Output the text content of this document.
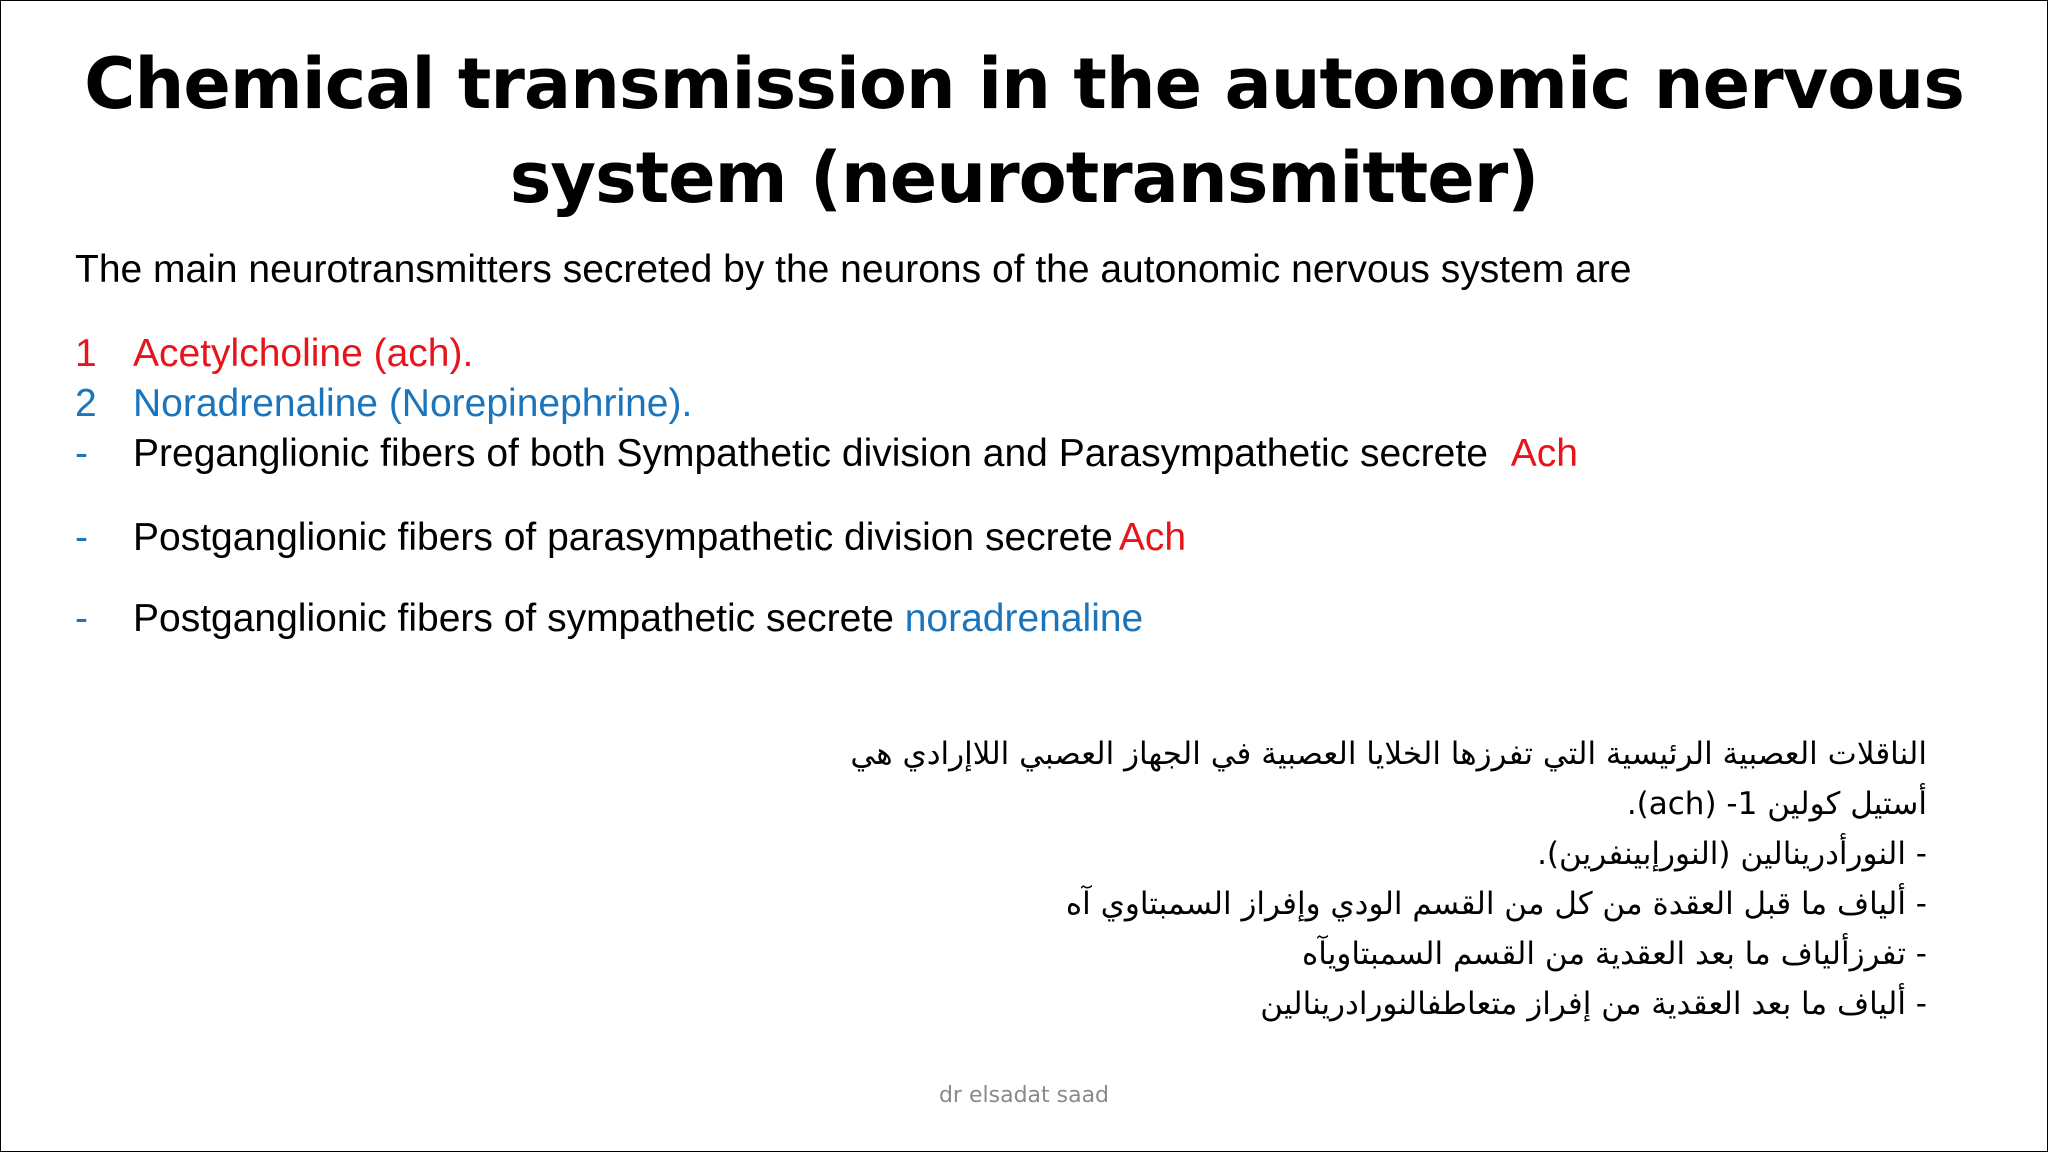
Chemical transmission in the autonomic nervous
system (neurotransmitter)
The main neurotransmitters secreted by the neurons of the autonomic nervous system are
1 Acetylcholine (ach).
2 Noradrenaline (Norepinephrine).
- Preganglionic fibers of both Sympathetic division and Parasympathetic secrete Ach
- Postganglionic fibers of parasympathetic division secrete Ach
- Postganglionic fibers of sympathetic secrete noradrenaline
الناقلات العصبية الرئيسية التي تفرزها الخلايا العصبية في الجهاز العصبي اللاإرادي هي
أستيل كولين 1- (ach).
- النورأدرينالين (النورإبينفرين).
- ألياف ما قبل العقدة من كل من القسم الودي وإفراز السمبتاوي آه
- تفرزألياف ما بعد العقدية من القسم السمبتاويآه
- ألياف ما بعد العقدية من إفراز متعاطفالنورادرينالين
dr elsadat saad
